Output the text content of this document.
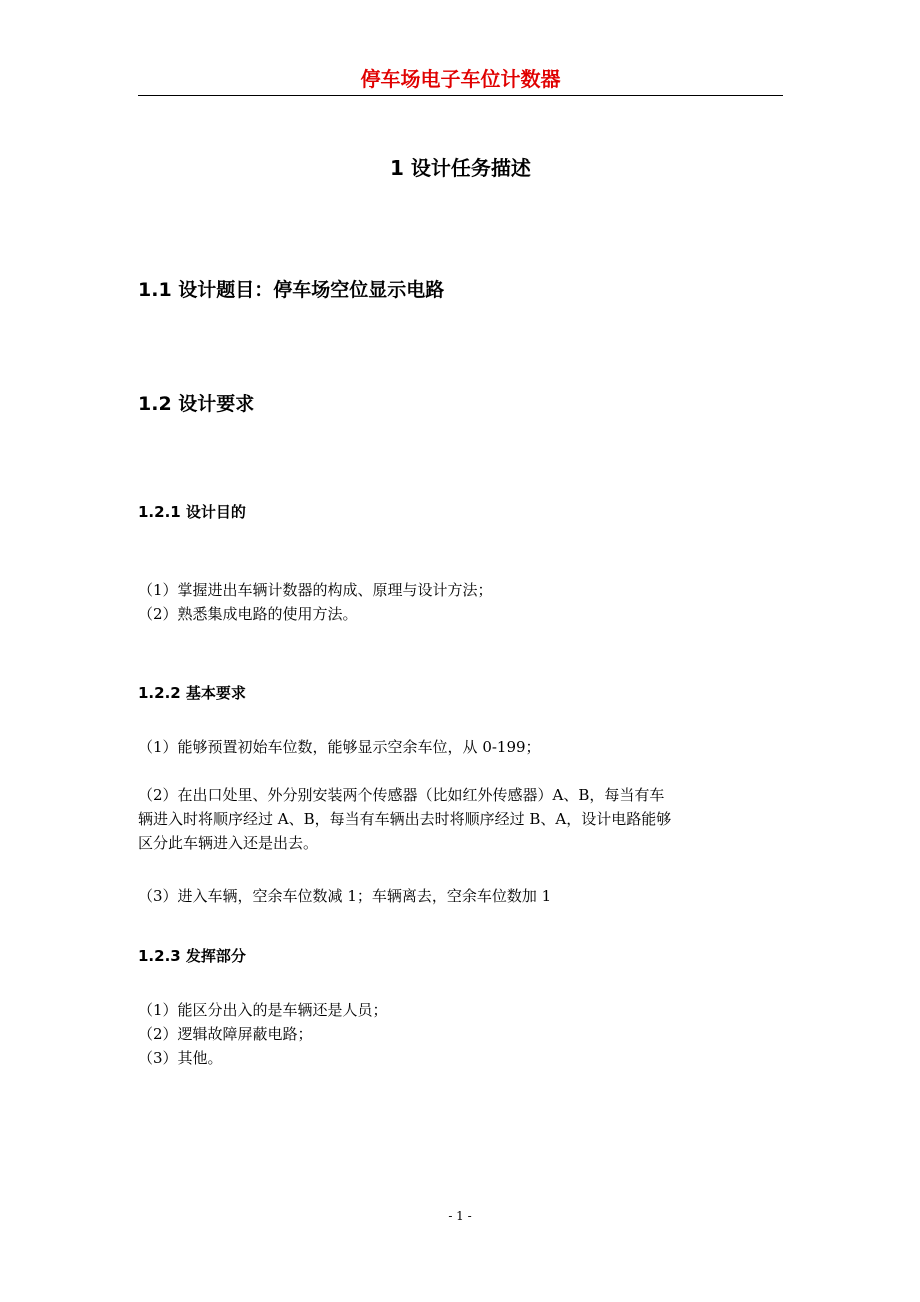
停车场电子车位计数器
1 设计任务描述
1.1 设计题目：停车场空位显示电路
1.2 设计要求
1.2.1 设计目的
（1）掌握进出车辆计数器的构成、原理与设计方法；
（2）熟悉集成电路的使用方法。
1.2.2 基本要求
（1）能够预置初始车位数，能够显示空余车位，从 0-199；
（2）在出口处里、外分别安装两个传感器（比如红外传感器）A、B，每当有车
辆进入时将顺序经过 A、B，每当有车辆出去时将顺序经过 B、A，设计电路能够
区分此车辆进入还是出去。
（3）进入车辆，空余车位数减 1；车辆离去，空余车位数加 1
1.2.3 发挥部分
（1）能区分出入的是车辆还是人员；
（2）逻辑故障屏蔽电路；
（3）其他。
- 1 -
